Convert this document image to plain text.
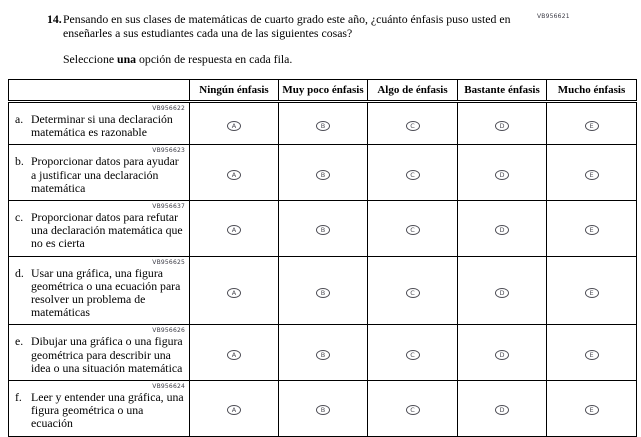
VB956621
14. Pensando en sus clases de matemáticas de cuarto grado este año, ¿cuánto énfasis puso usted en enseñarles a sus estudiantes cada una de las siguientes cosas?

Seleccione una opción de respuesta en cada fila.

	Ningún énfasis	Muy poco énfasis	Algo de énfasis	Bastante énfasis	Mucho énfasis

VB956622
a. Determinar si una declaración matemática es razonable	A	B	C	D	E

VB956623
b. Proporcionar datos para ayudar a justificar una declaración matemática	A	B	C	D	E

VB956637
c. Proporcionar datos para refutar una declaración matemática que no es cierta	A	B	C	D	E

VB956625
d. Usar una gráfica, una figura geométrica o una ecuación para resolver un problema de matemáticas	A	B	C	D	E

VB956626
e. Dibujar una gráfica o una figura geométrica para describir una idea o una situación matemática	A	B	C	D	E

VB956624
f. Leer y entender una gráfica, una figura geométrica o una ecuación	A	B	C	D	E
